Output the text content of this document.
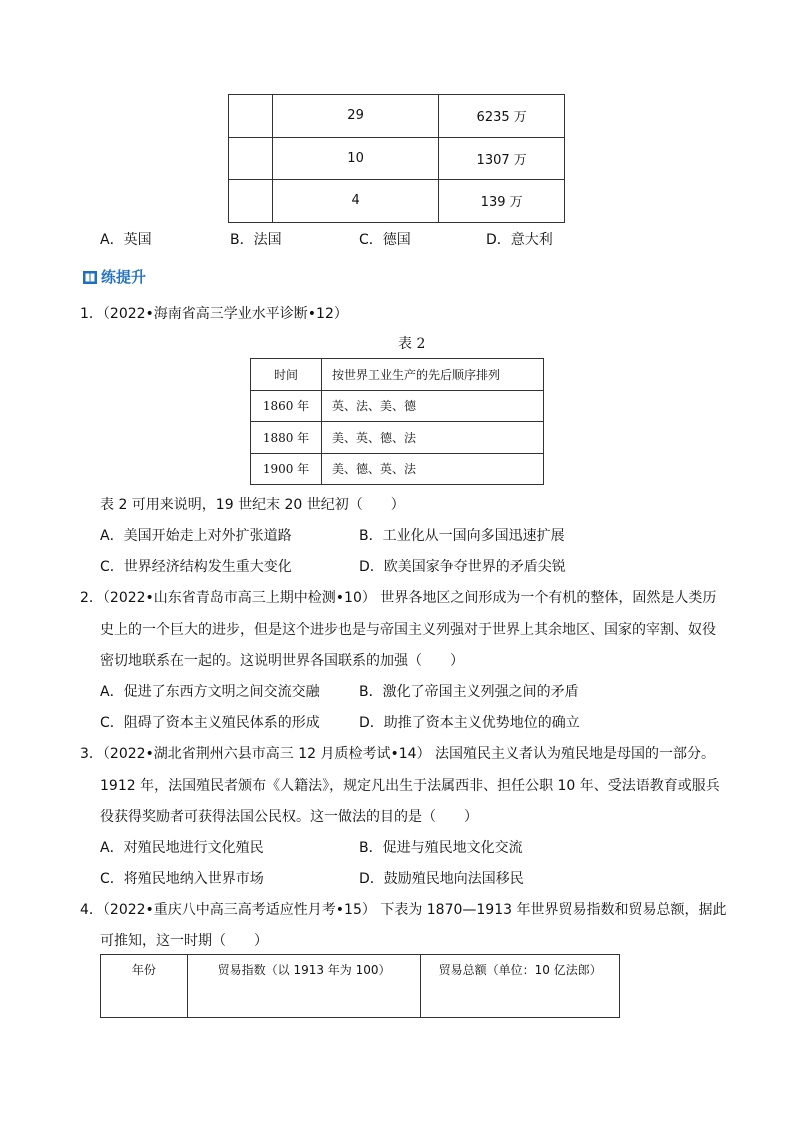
	29	6235 万
	10	1307 万
	4	139 万
A．英国	B．法国	C．德国	D．意大利
练提升
1．（2022•海南省高三学业水平诊断•12）
表 2
时间	按世界工业生产的先后顺序排列
1860 年	英、法、美、德
1880 年	美、英、德、法
1900 年	美、德、英、法
表 2 可用来说明，19 世纪末 20 世纪初（　　）
A．美国开始走上对外扩张道路	B．工业化从一国向多国迅速扩展
C．世界经济结构发生重大变化	D．欧美国家争夺世界的矛盾尖锐
2．（2022•山东省青岛市高三上期中检测•10） 世界各地区之间形成为一个有机的整体，固然是人类历
史上的一个巨大的进步，但是这个进步也是与帝国主义列强对于世界上其余地区、国家的宰割、奴役
密切地联系在一起的。这说明世界各国联系的加强（　　）
A．促进了东西方文明之间交流交融	B．激化了帝国主义列强之间的矛盾
C．阻碍了资本主义殖民体系的形成	D．助推了资本主义优势地位的确立
3．（2022•湖北省荆州六县市高三 12 月质检考试•14） 法国殖民主义者认为殖民地是母国的一部分。
1912 年，法国殖民者颁布《人籍法》，规定凡出生于法属西非、担任公职 10 年、受法语教育或服兵
役获得奖励者可获得法国公民权。这一做法的目的是（　　）
A．对殖民地进行文化殖民	B．促进与殖民地文化交流
C．将殖民地纳入世界市场	D．鼓励殖民地向法国移民
4．（2022•重庆八中高三高考适应性月考•15） 下表为 1870—1913 年世界贸易指数和贸易总额，据此
可推知，这一时期（　　）
年份	贸易指数（以 1913 年为 100）	贸易总额（单位：10 亿法郎）
